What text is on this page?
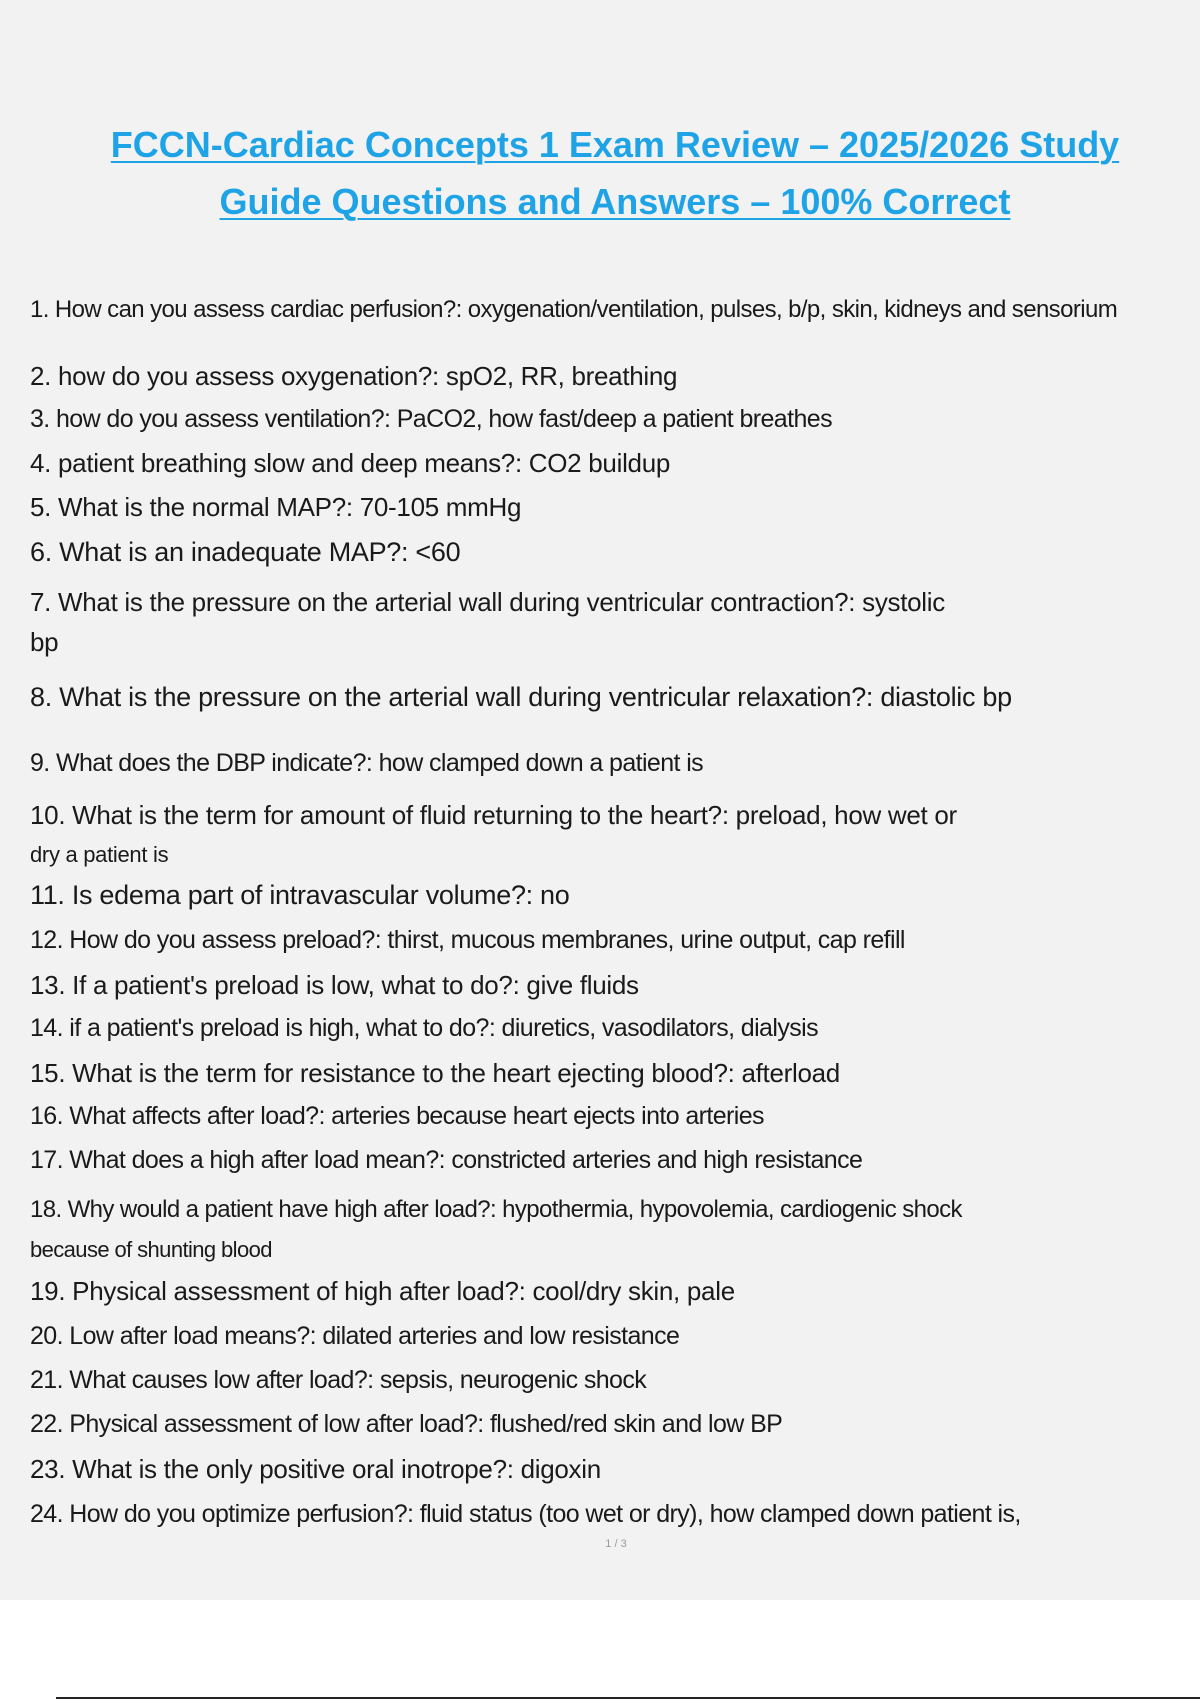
FCCN-Cardiac Concepts 1 Exam Review – 2025/2026 Study
Guide Questions and Answers – 100% Correct

1. How can you assess cardiac perfusion?: oxygenation/ventilation, pulses, b/p, skin, kidneys and sensorium

2. how do you assess oxygenation?: spO2, RR, breathing

3. how do you assess ventilation?: PaCO2, how fast/deep a patient breathes

4. patient breathing slow and deep means?: CO2 buildup

5. What is the normal MAP?: 70-105 mmHg

6. What is an inadequate MAP?: <60

7. What is the pressure on the arterial wall during ventricular contraction?: systolic
bp

8. What is the pressure on the arterial wall during ventricular relaxation?: diastolic bp

9. What does the DBP indicate?: how clamped down a patient is

10. What is the term for amount of fluid returning to the heart?: preload, how wet or
dry a patient is

11. Is edema part of intravascular volume?: no

12. How do you assess preload?: thirst, mucous membranes, urine output, cap refill

13. If a patient's preload is low, what to do?: give fluids

14. if a patient's preload is high, what to do?: diuretics, vasodilators, dialysis

15. What is the term for resistance to the heart ejecting blood?: afterload

16. What affects after load?: arteries because heart ejects into arteries

17. What does a high after load mean?: constricted arteries and high resistance

18. Why would a patient have high after load?: hypothermia, hypovolemia, cardiogenic shock
because of shunting blood

19. Physical assessment of high after load?: cool/dry skin, pale

20. Low after load means?: dilated arteries and low resistance

21. What causes low after load?: sepsis, neurogenic shock

22. Physical assessment of low after load?: flushed/red skin and low BP

23. What is the only positive oral inotrope?: digoxin

24. How do you optimize perfusion?: fluid status (too wet or dry), how clamped down patient is,

1 / 3
